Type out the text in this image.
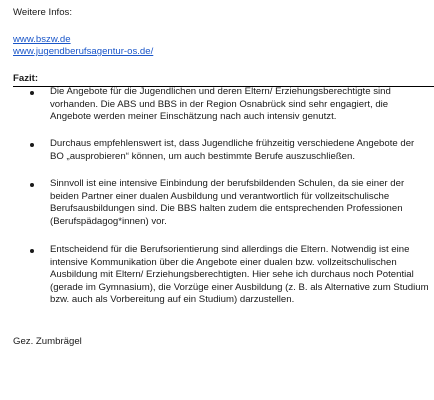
Weitere Infos:
www.bszw.de
www.jugendberufsagentur-os.de/
Fazit:
Die Angebote für die Jugendlichen und deren Eltern/ Erziehungsberechtigte sind vorhanden. Die ABS und BBS in der Region Osnabrück sind sehr engagiert, die Angebote werden meiner Einschätzung nach auch intensiv genutzt.
Durchaus empfehlenswert ist, dass Jugendliche frühzeitig verschiedene Angebote der BO „ausprobieren“ können, um auch bestimmte Berufe auszuschließen.
Sinnvoll ist eine intensive Einbindung der berufsbildenden Schulen, da sie einer der beiden Partner einer dualen Ausbildung und verantwortlich für vollzeitschulische Berufsausbildungen sind. Die BBS halten zudem die entsprechenden Professionen (Berufspädagog*innen) vor.
Entscheidend für die Berufsorientierung sind allerdings die Eltern. Notwendig ist eine intensive Kommunikation über die Angebote einer dualen bzw. vollzeitschulischen Ausbildung mit Eltern/ Erziehungsberechtigten. Hier sehe ich durchaus noch Potential (gerade im Gymnasium), die Vorzüge einer Ausbildung (z. B. als Alternative zum Studium bzw. auch als Vorbereitung auf ein Studium) darzustellen.
Gez. Zumbrägel
